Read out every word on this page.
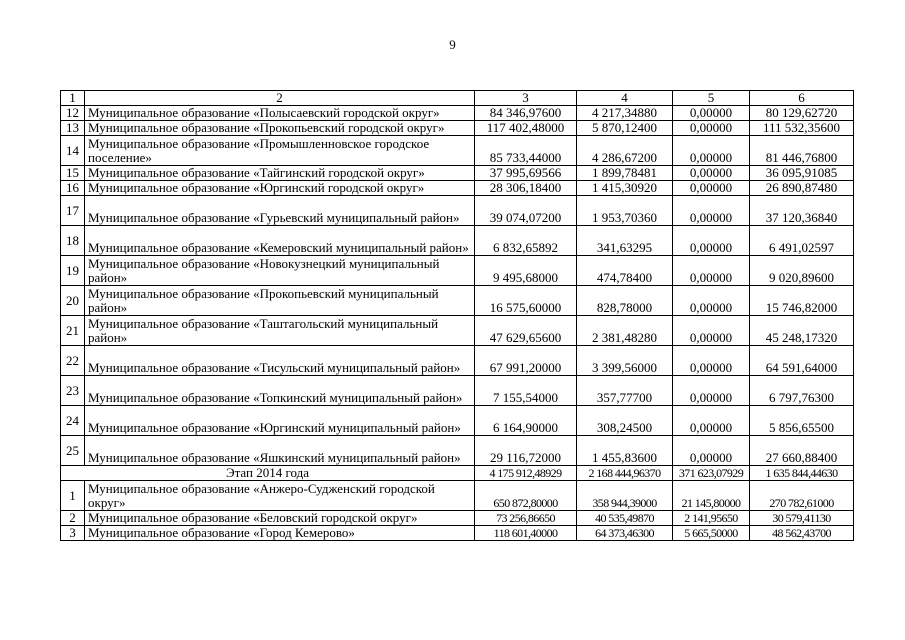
9
1	2	3	4	5	6
12	Муниципальное образование «Полысаевский городской округ»	84 346,97600	4 217,34880	0,00000	80 129,62720
13	Муниципальное образование «Прокопьевский городской округ»	117 402,48000	5 870,12400	0,00000	111 532,35600
14	Муниципальное образование «Промышленновское городское поселение»	85 733,44000	4 286,67200	0,00000	81 446,76800
15	Муниципальное образование «Тайгинский городской округ»	37 995,69566	1 899,78481	0,00000	36 095,91085
16	Муниципальное образование «Юргинский городской округ»	28 306,18400	1 415,30920	0,00000	26 890,87480
17	Муниципальное образование «Гурьевский муниципальный район»	39 074,07200	1 953,70360	0,00000	37 120,36840
18	Муниципальное образование «Кемеровский муниципальный район»	6 832,65892	341,63295	0,00000	6 491,02597
19	Муниципальное образование «Новокузнецкий муниципальный район»	9 495,68000	474,78400	0,00000	9 020,89600
20	Муниципальное образование «Прокопьевский муниципальный район»	16 575,60000	828,78000	0,00000	15 746,82000
21	Муниципальное образование «Таштагольский муниципальный район»	47 629,65600	2 381,48280	0,00000	45 248,17320
22	Муниципальное образование «Тисульский муниципальный район»	67 991,20000	3 399,56000	0,00000	64 591,64000
23	Муниципальное образование «Топкинский муниципальный район»	7 155,54000	357,77700	0,00000	6 797,76300
24	Муниципальное образование «Юргинский муниципальный район»	6 164,90000	308,24500	0,00000	5 856,65500
25	Муниципальное образование «Яшкинский муниципальный район»	29 116,72000	1 455,83600	0,00000	27 660,88400
Этап 2014 года		4 175 912,48929	2 168 444,96370	371 623,07929	1 635 844,44630
1	Муниципальное образование «Анжеро-Судженский городской округ»	650 872,80000	358 944,39000	21 145,80000	270 782,61000
2	Муниципальное образование «Беловский городской округ»	73 256,86650	40 535,49870	2 141,95650	30 579,41130
3	Муниципальное образование «Город Кемерово»	118 601,40000	64 373,46300	5 665,50000	48 562,43700
